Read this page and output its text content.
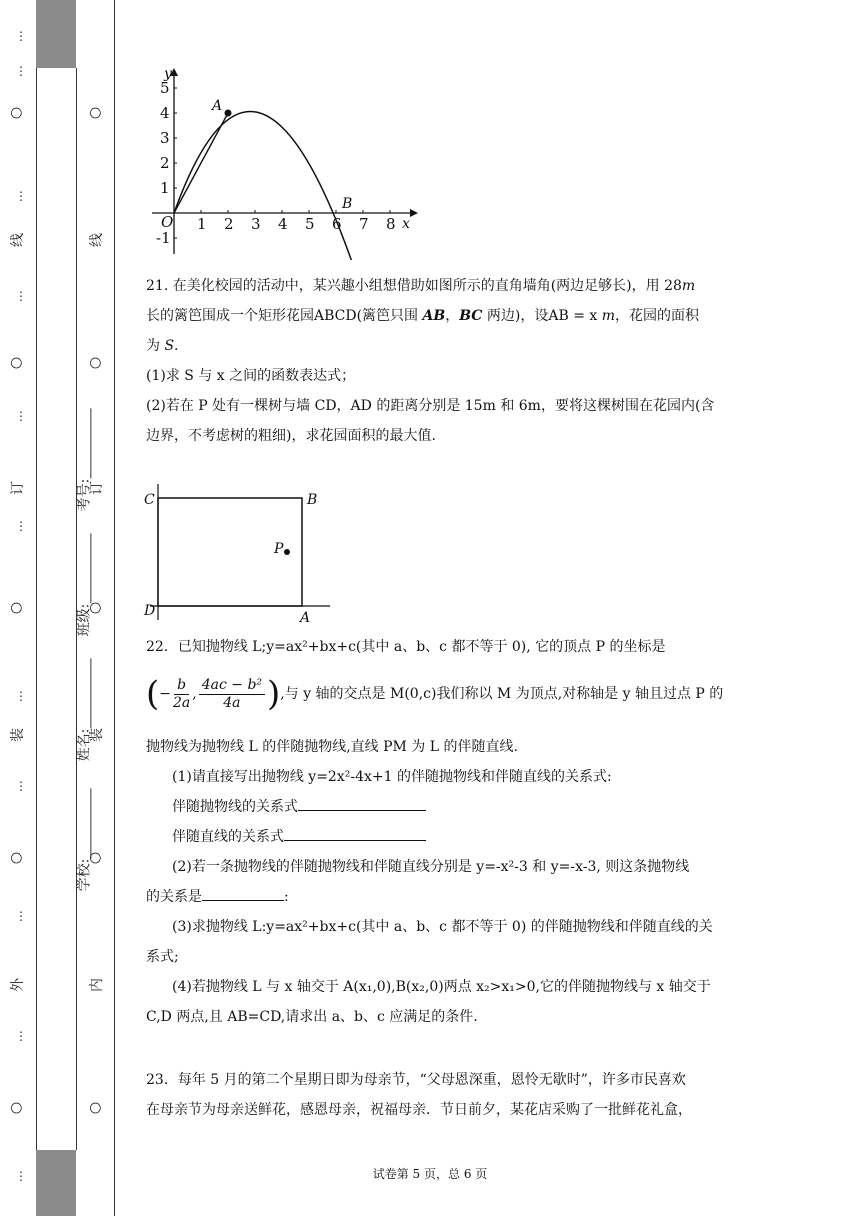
⋮
⋮
⋮
⋮
⋮
⋮
⋮
⋮
⋮
⋮
⋮
○
线
○
○
○
外
○
学校:
姓名:
班级:
考号:
○
线
○
订
○
装
○
内
○
订
装
1 2 3 4 5 6 7 8
-1
1
2
3
4
5
x
y
O
A
B
21. 在美化校园的活动中，某兴趣小组想借助如图所示的直角墙角(两边足够长)，用 28m
长的篱笆围成一个矩形花园ABCD(篱笆只围 AB，BC 两边)，设AB = x m，花园的面积
为 S.
(1)求 S 与 x 之间的函数表达式；
(2)若在 P 处有一棵树与墙 CD，AD 的距离分别是 15m 和 6m，要将这棵树围在花园内(含
边界，不考虑树的粗细)，求花园面积的最大值.
C	B
D	A
P
22．已知抛物线 L;y=ax²+bx+c(其中 a、b、c 都不等于 0), 它的顶点 P 的坐标是
(− $\frac{b}{2a}$ , $\frac{\text{4ac − b²}}{4a}$ ),与 y 轴的交点是 M(0,c)我们称以 M 为顶点,对称轴是 y 轴且过点 P 的
抛物线为抛物线 L 的伴随抛物线,直线 PM 为 L 的伴随直线.
(1)请直接写出抛物线 y=2x²-4x+1 的伴随抛物线和伴随直线的关系式:
伴随抛物线的关系式
伴随直线的关系式
(2)若一条抛物线的伴随抛物线和伴随直线分别是 y=-x²-3 和 y=-x-3, 则这条抛物线
的关系是	:
(3)求抛物线 L:y=ax²+bx+c(其中 a、b、c 都不等于 0) 的伴随抛物线和伴随直线的关
系式;
(4)若抛物线 L 与 x 轴交于 A(x₁,0),B(x₂,0)两点 x₂>x₁>0,它的伴随抛物线与 x 轴交于
C,D 两点,且 AB=CD,请求出 a、b、c 应满足的条件.
23．每年 5 月的第二个星期日即为母亲节，“父母恩深重，恩怜无歇时”，许多市民喜欢
在母亲节为母亲送鲜花，感恩母亲，祝福母亲．节日前夕，某花店采购了一批鲜花礼盒，
试卷第 5 页，总 6 页
